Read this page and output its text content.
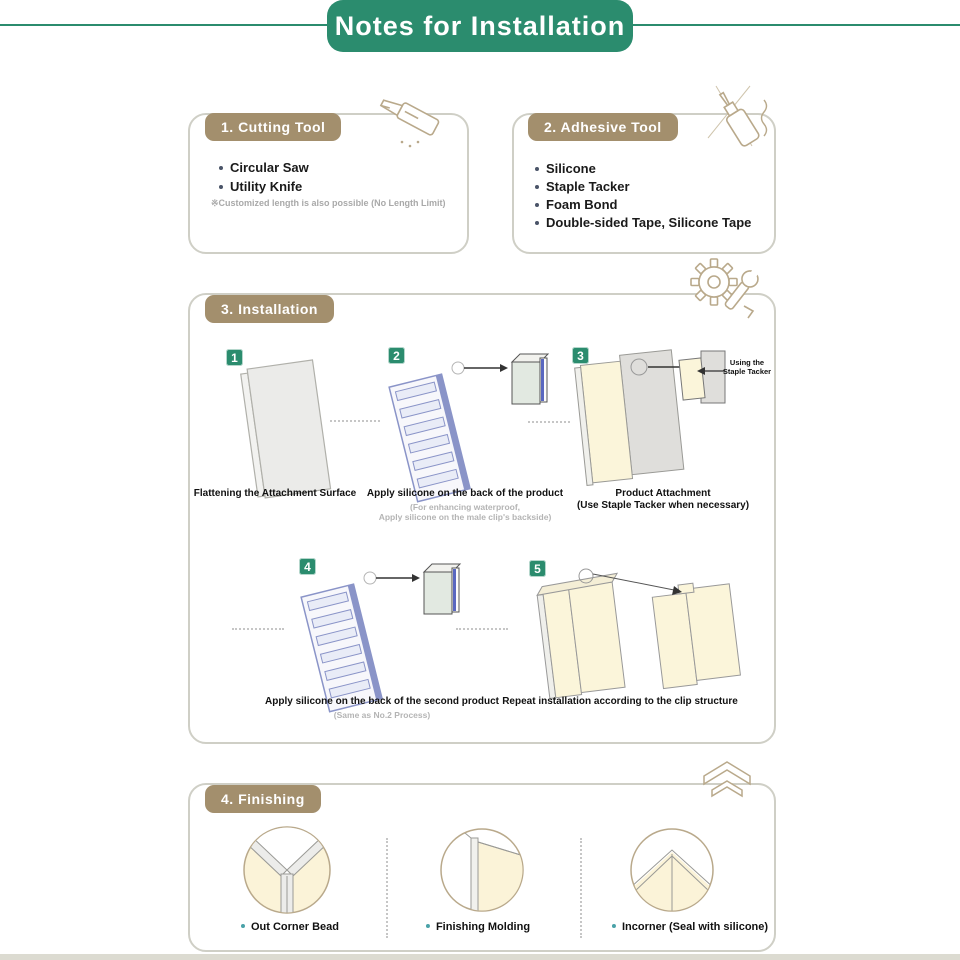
Notes for Installation
1. Cutting Tool
Circular Saw
Utility Knife
※Customized length is also possible (No Length Limit)
2. Adhesive Tool
Silicone
Staple Tacker
Foam Bond
Double-sided Tape, Silicone Tape
3. Installation
1	2	3
4	5
Using the
Staple Tacker
Flattening the Attachment Surface Apply silicone on the back of the product
(For enhancing waterproof,
Apply silicone on the male clip's backside)
Product Attachment
(Use Staple Tacker when necessary)
Apply silicone on the back of the second product
(Same as No.2 Process)
Repeat installation according to the clip structure
4. Finishing
Out Corner Bead	Finishing Molding	Incorner (Seal with silicone)
